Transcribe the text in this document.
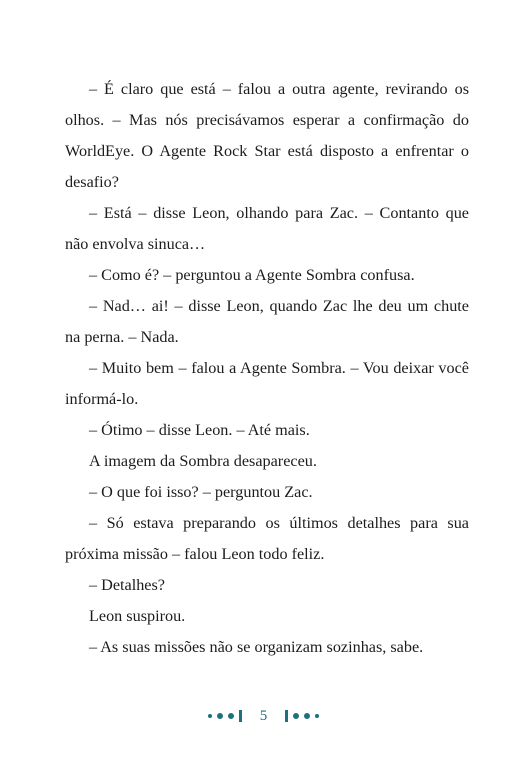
– É claro que está – falou a outra agente, revirando os olhos. – Mas nós precisávamos esperar a confirmação do WorldEye. O Agente Rock Star está disposto a enfrentar o desafio?

– Está – disse Leon, olhando para Zac. – Contanto que não envolva sinuca…

– Como é? – perguntou a Agente Sombra confusa.

– Nad… ai! – disse Leon, quando Zac lhe deu um chute na perna. – Nada.

– Muito bem – falou a Agente Sombra. – Vou deixar você informá-lo.

– Ótimo – disse Leon. – Até mais.

A imagem da Sombra desapareceu.

– O que foi isso? – perguntou Zac.

– Só estava preparando os últimos detalhes para sua próxima missão – falou Leon todo feliz.

– Detalhes?

Leon suspirou.

– As suas missões não se organizam sozinhas, sabe.

5
